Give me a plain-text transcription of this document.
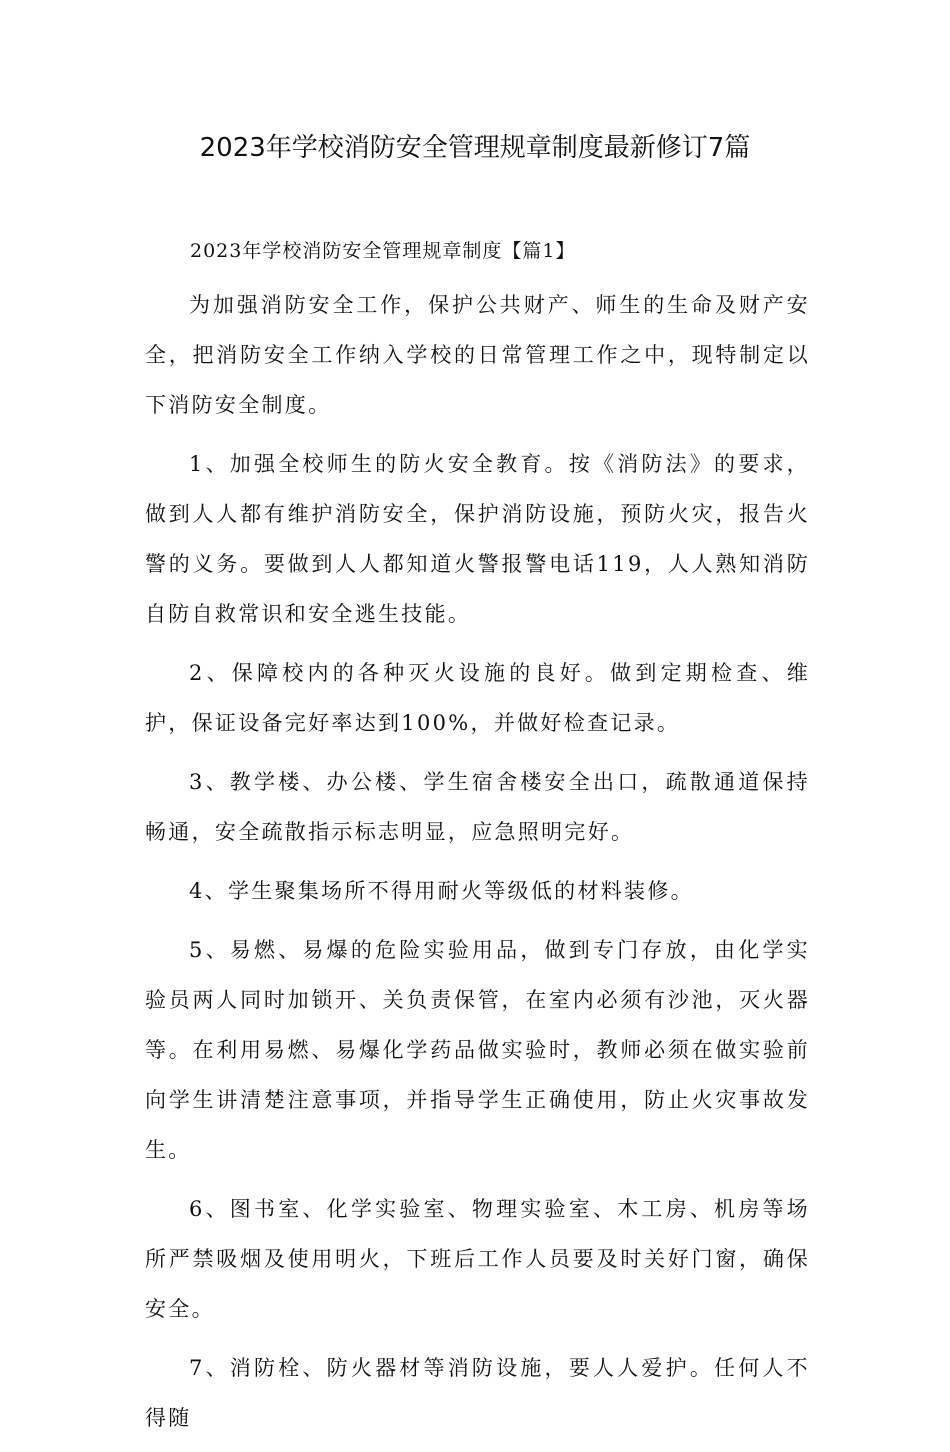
2023年学校消防安全管理规章制度最新修订7篇
2023年学校消防安全管理规章制度【篇1】

为加强消防安全工作，保护公共财产、师生的生命及财产安全，把消防安全工作纳入学校的日常管理工作之中，现特制定以下消防安全制度。

1、加强全校师生的防火安全教育。按《消防法》的要求，做到人人都有维护消防安全，保护消防设施，预防火灾，报告火警的义务。要做到人人都知道火警报警电话119，人人熟知消防自防自救常识和安全逃生技能。

2、保障校内的各种灭火设施的良好。做到定期检查、维护，保证设备完好率达到100%，并做好检查记录。

3、教学楼、办公楼、学生宿舍楼安全出口，疏散通道保持畅通，安全疏散指示标志明显，应急照明完好。

4、学生聚集场所不得用耐火等级低的材料装修。

5、易燃、易爆的危险实验用品，做到专门存放，由化学实验员两人同时加锁开、关负责保管，在室内必须有沙池，灭火器等。在利用易燃、易爆化学药品做实验时，教师必须在做实验前向学生讲清楚注意事项，并指导学生正确使用，防止火灾事故发生。

6、图书室、化学实验室、物理实验室、木工房、机房等场所严禁吸烟及使用明火，下班后工作人员要及时关好门窗，确保安全。

7、消防栓、防火器材等消防设施，要人人爱护。任何人不得随
